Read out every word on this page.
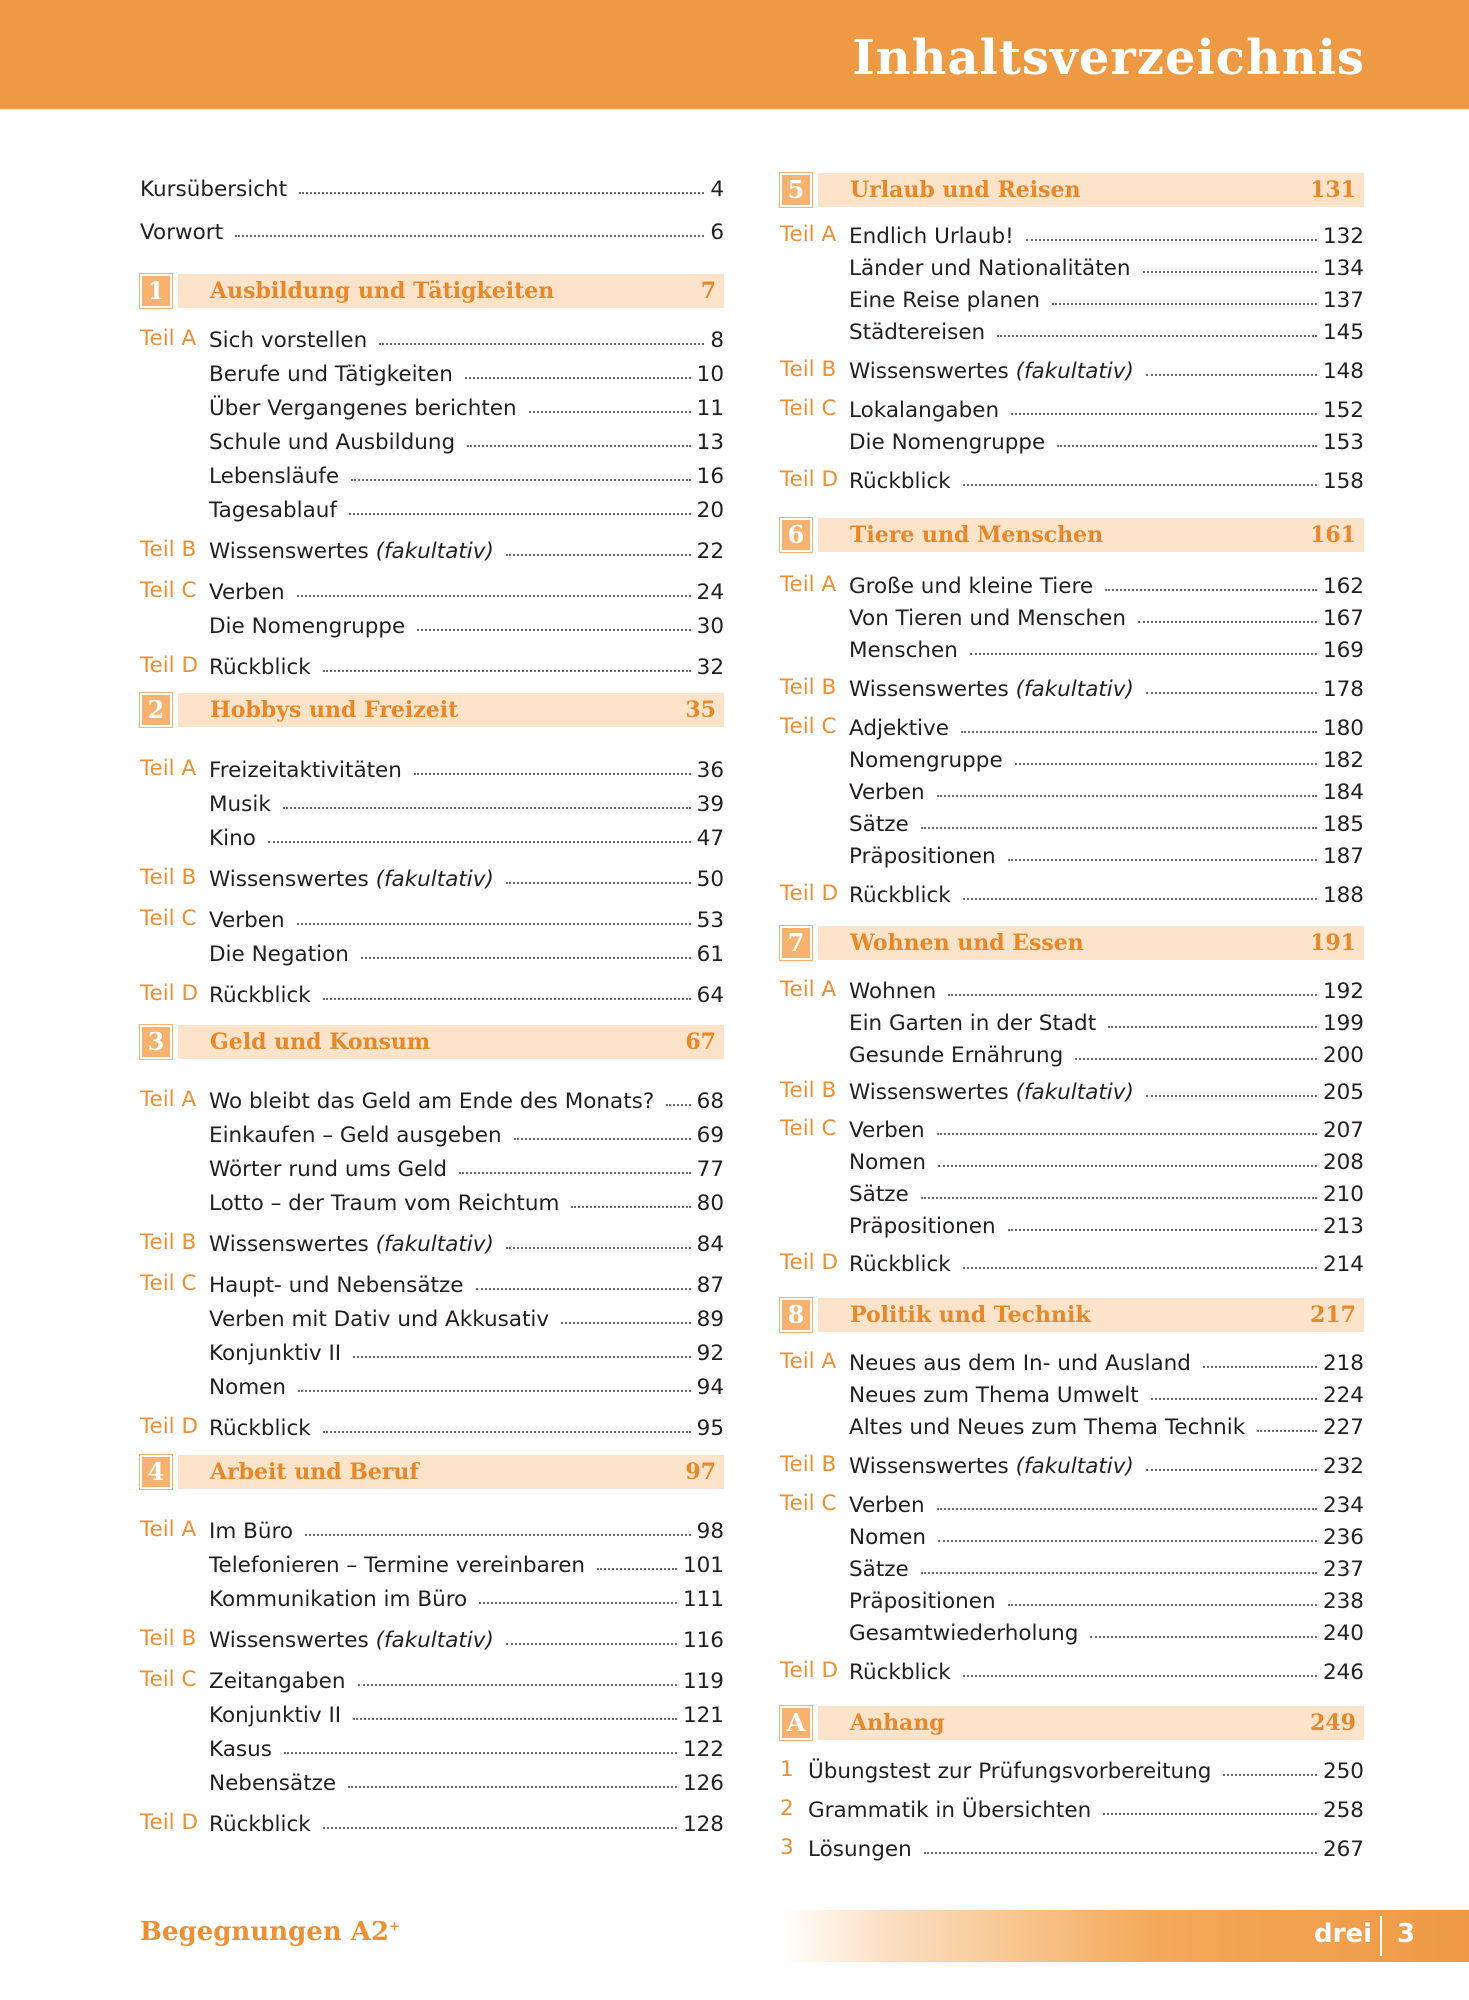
Inhaltsverzeichnis
Kursübersicht	4
Vorwort	6
1	Ausbildung und Tätigkeiten	7
Teil A Sich vorstellen	8
Berufe und Tätigkeiten	10
Über Vergangenes berichten	11
Schule und Ausbildung	13
Lebensläufe	16
Tagesablauf	20
Teil B Wissenswertes (fakultativ)	22
Teil C Verben	24
Die Nomengruppe	30
Teil D Rückblick	32
2	Hobbys und Freizeit	35
Teil A Freizeitaktivitäten	36
Musik	39
Kino	47
Teil B Wissenswertes (fakultativ)	50
Teil C Verben	53
Die Negation	61
Teil D Rückblick	64
3	Geld und Konsum	67
Teil A Wo bleibt das Geld am Ende des Monats? 68
Einkaufen – Geld ausgeben	69
Wörter rund ums Geld	77
Lotto – der Traum vom Reichtum	80
Teil B Wissenswertes (fakultativ)	84
Teil C Haupt- und Nebensätze	87
Verben mit Dativ und Akkusativ	89
Konjunktiv II	92
Nomen	94
Teil D Rückblick	95
4	Arbeit und Beruf	97
Teil A Im Büro	98
Telefonieren – Termine vereinbaren	101
Kommunikation im Büro	111
Teil B Wissenswertes (fakultativ)	116
Teil C Zeitangaben	119
Konjunktiv II	121
Kasus	122
Nebensätze	126
Teil D Rückblick	128
5	Urlaub und Reisen	131
Teil A Endlich Urlaub!	132
Länder und Nationalitäten	134
Eine Reise planen	137
Städtereisen	145
Teil B Wissenswertes (fakultativ)	148
Teil C Lokalangaben	152
Die Nomengruppe	153
Teil D Rückblick	158
6	Tiere und Menschen	161
Teil A Große und kleine Tiere	162
Von Tieren und Menschen	167
Menschen	169
Teil B Wissenswertes (fakultativ)	178
Teil C Adjektive	180
Nomengruppe	182
Verben	184
Sätze	185
Präpositionen	187
Teil D Rückblick	188
7	Wohnen und Essen	191
Teil A Wohnen	192
Ein Garten in der Stadt	199
Gesunde Ernährung	200
Teil B Wissenswertes (fakultativ)	205
Teil C Verben	207
Nomen	208
Sätze	210
Präpositionen	213
Teil D Rückblick	214
8	Politik und Technik	217
Teil A Neues aus dem In- und Ausland	218
Neues zum Thema Umwelt	224
Altes und Neues zum Thema Technik	227
Teil B Wissenswertes (fakultativ)	232
Teil C Verben	234
Nomen	236
Sätze	237
Präpositionen	238
Gesamtwiederholung	240
Teil D Rückblick	246
A	Anhang	249
1 Übungstest zur Prüfungsvorbereitung	250
2 Grammatik in Übersichten	258
3 Lösungen	267
Begegnungen A2+	drei 3
